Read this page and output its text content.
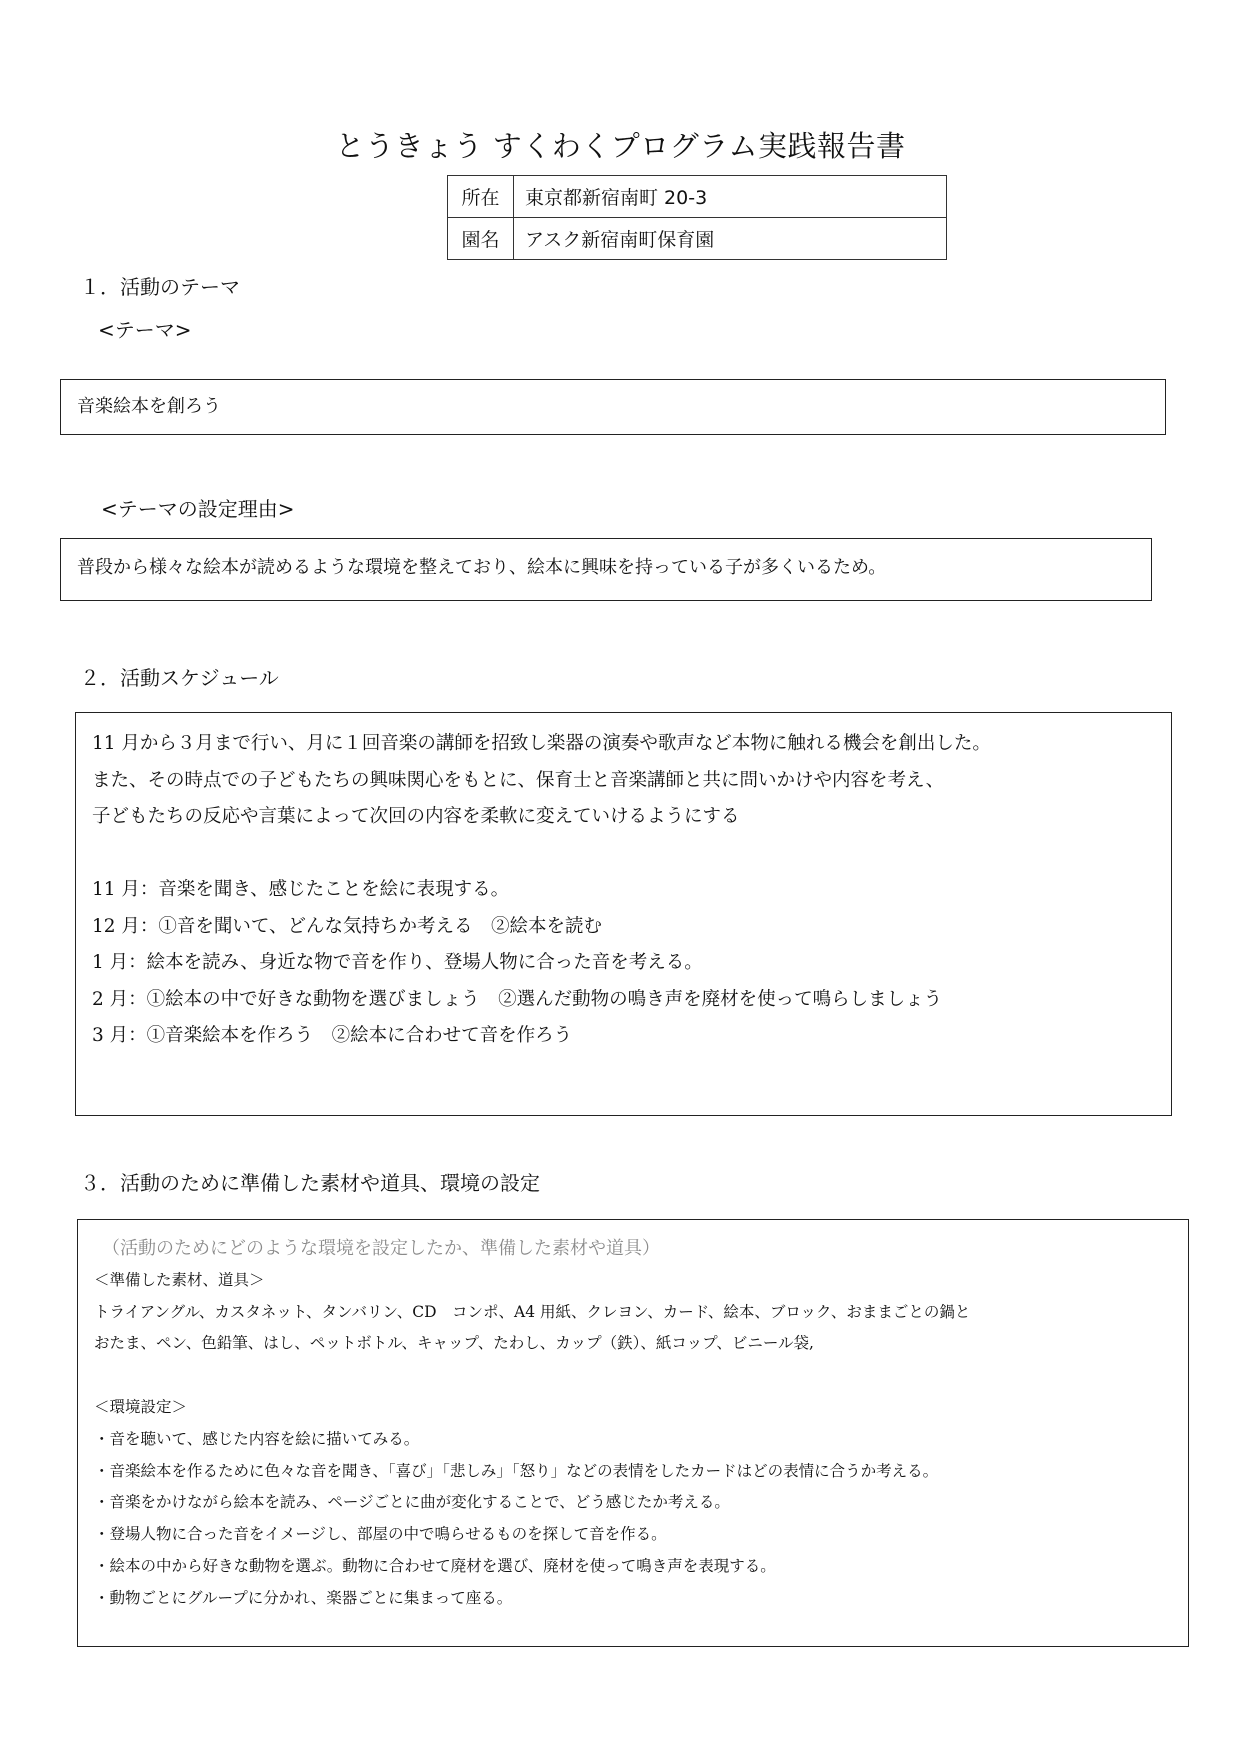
とうきょう すくわくプログラム実践報告書
所在	東京都新宿南町 20-3
園名	アスク新宿南町保育園
１．活動のテーマ
<テーマ>
音楽絵本を創ろう
<テーマの設定理由>
普段から様々な絵本が読めるような環境を整えており、絵本に興味を持っている子が多くいるため。
２．活動スケジュール
11 月から３月まで行い、月に１回音楽の講師を招致し楽器の演奏や歌声など本物に触れる機会を創出した。
また、その時点での子どもたちの興味関心をもとに、保育士と音楽講師と共に問いかけや内容を考え、
子どもたちの反応や言葉によって次回の内容を柔軟に変えていけるようにする
11 月：音楽を聞き、感じたことを絵に表現する。
12 月：①音を聞いて、どんな気持ちか考える　②絵本を読む
1 月：絵本を読み、身近な物で音を作り、登場人物に合った音を考える。
2 月：①絵本の中で好きな動物を選びましょう　②選んだ動物の鳴き声を廃材を使って鳴らしましょう
3 月：①音楽絵本を作ろう　②絵本に合わせて音を作ろう
３．活動のために準備した素材や道具、環境の設定
（活動のためにどのような環境を設定したか、準備した素材や道具）
＜準備した素材、道具＞
トライアングル、カスタネット、タンバリン、CD　コンポ、A4 用紙、クレヨン、カード、絵本、ブロック、おままごとの鍋と
おたま、ペン、色鉛筆、はし、ペットボトル、キャップ、たわし、カップ（鉄）、紙コップ、ビニール袋,
＜環境設定＞
・音を聴いて、感じた内容を絵に描いてみる。
・音楽絵本を作るために色々な音を聞き、「喜び」「悲しみ」「怒り」などの表情をしたカードはどの表情に合うか考える。
・音楽をかけながら絵本を読み、ページごとに曲が変化することで、どう感じたか考える。
・登場人物に合った音をイメージし、部屋の中で鳴らせるものを探して音を作る。
・絵本の中から好きな動物を選ぶ。動物に合わせて廃材を選び、廃材を使って鳴き声を表現する。
・動物ごとにグループに分かれ、楽器ごとに集まって座る。
